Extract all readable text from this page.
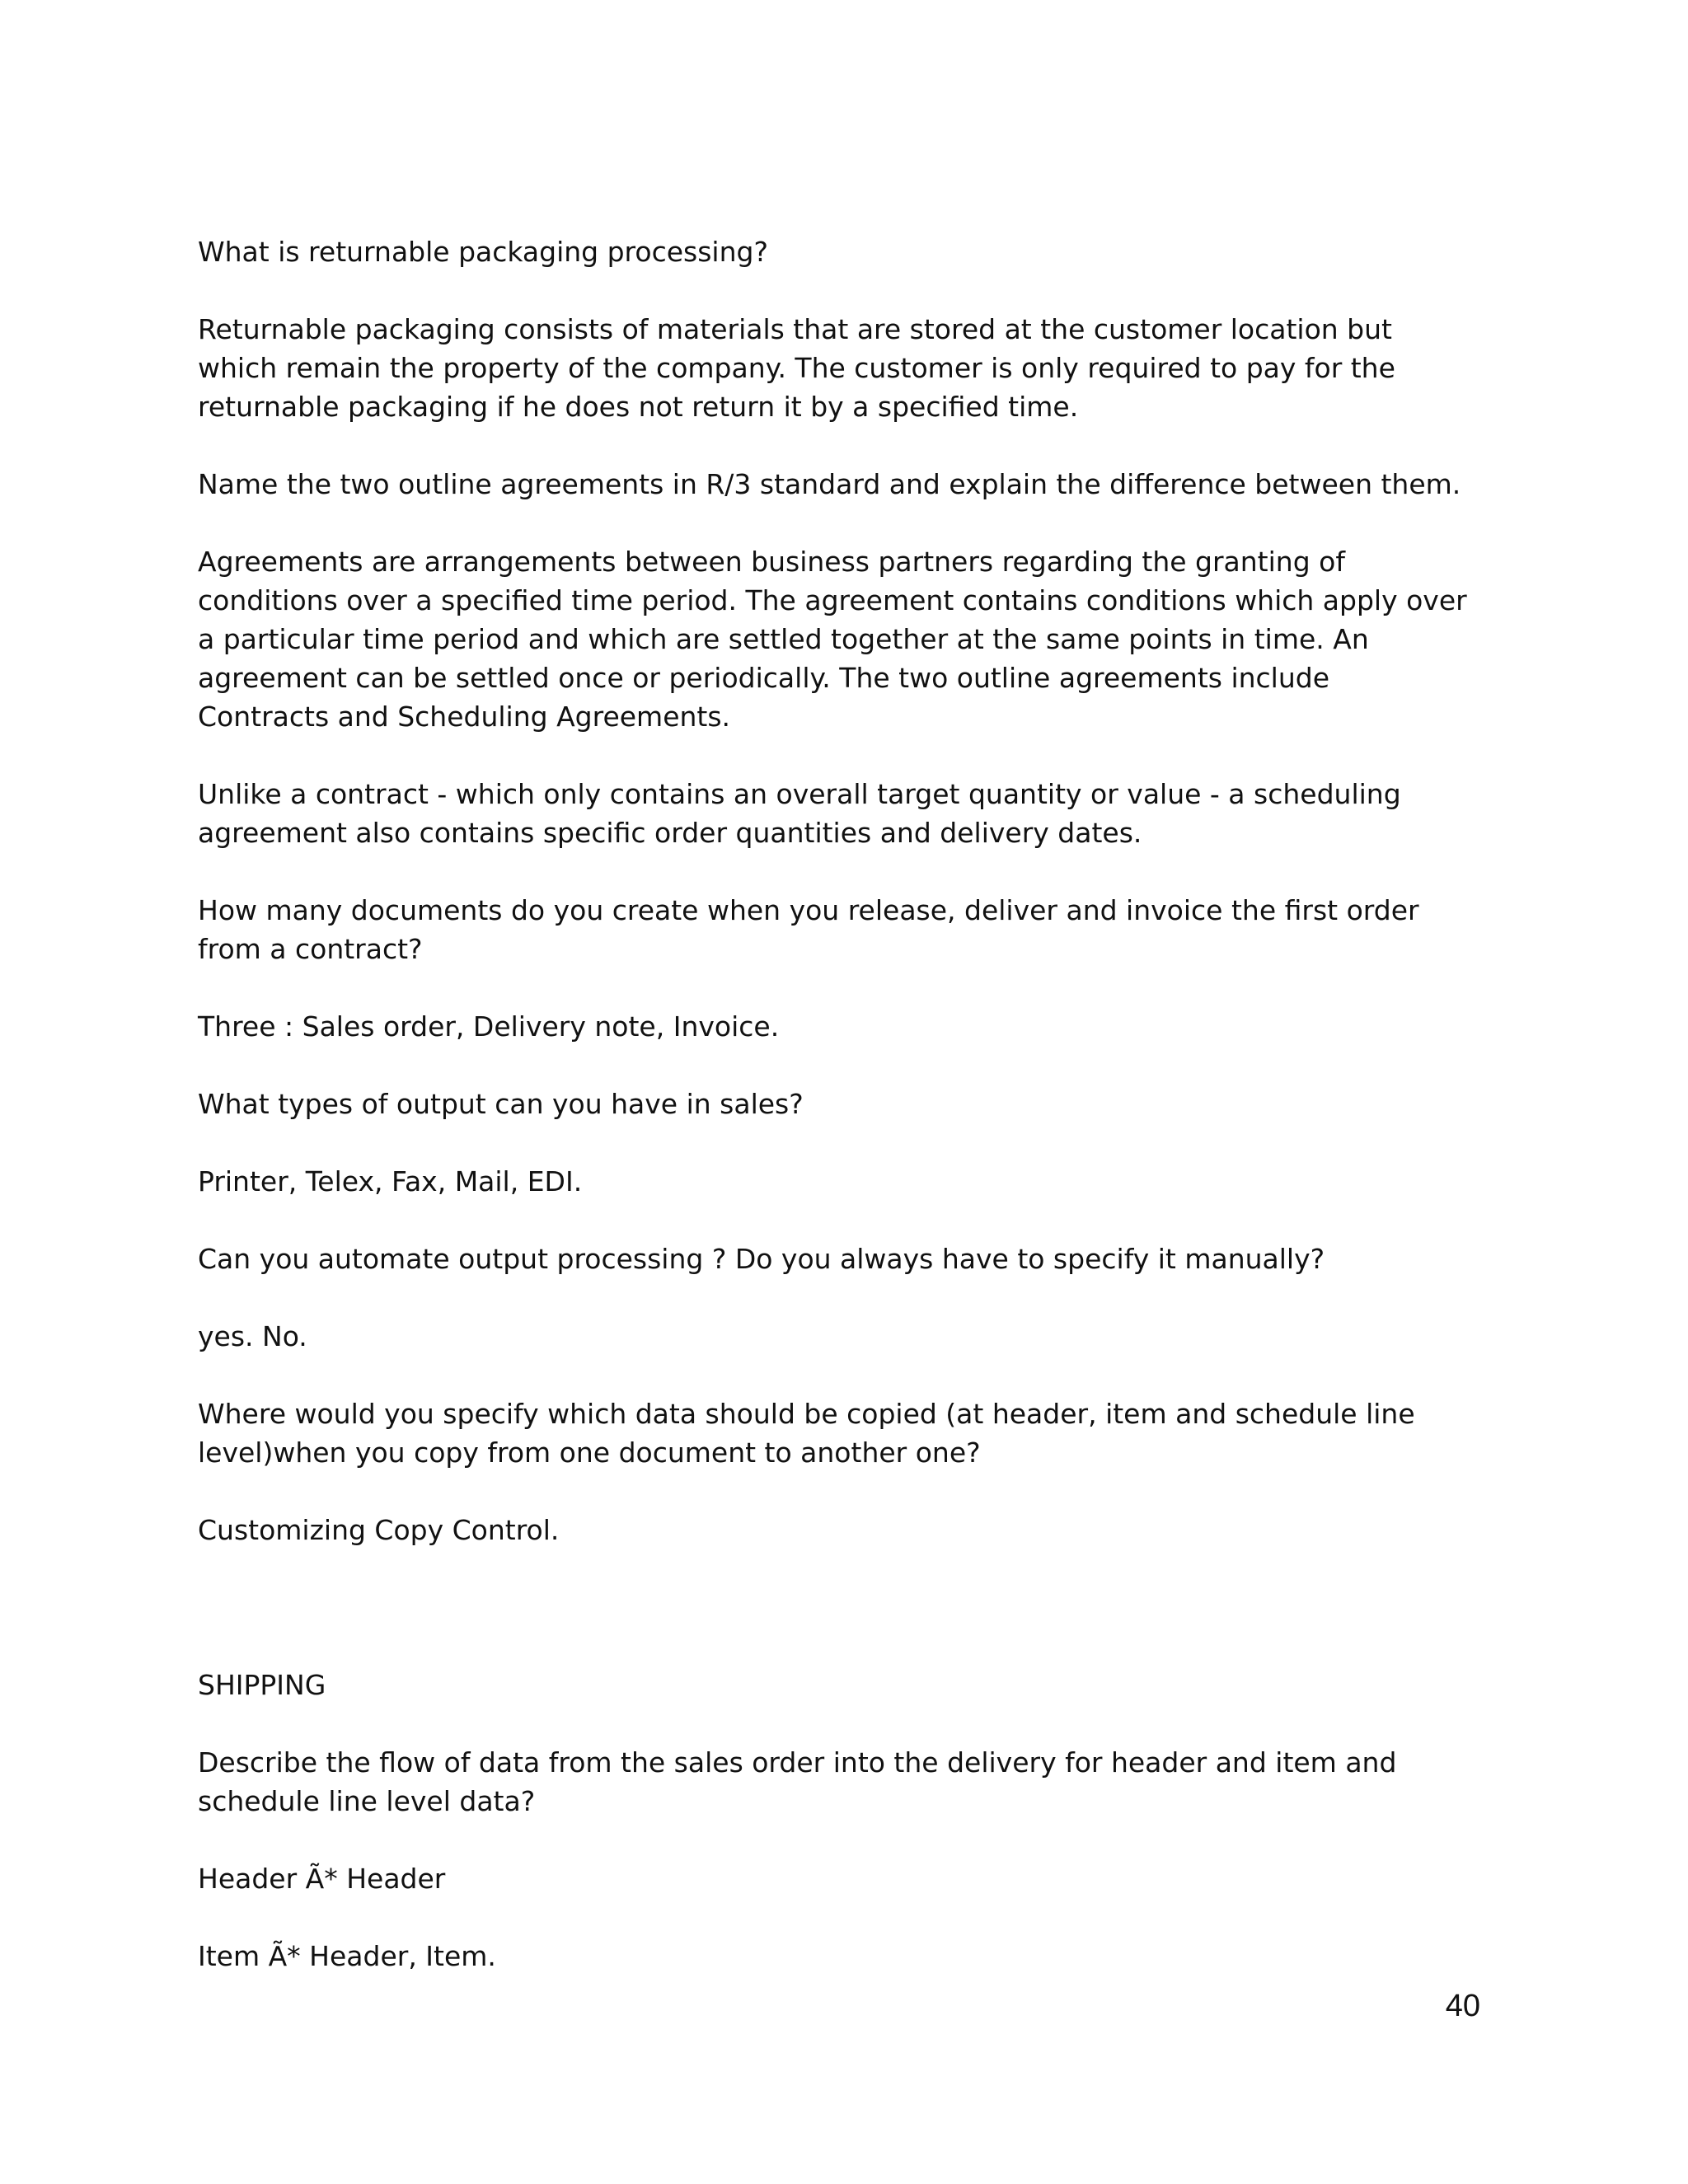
What is returnable packaging processing?

Returnable packaging consists of materials that are stored at the customer location but
which remain the property of the company. The customer is only required to pay for the
returnable packaging if he does not return it by a specified time.

Name the two outline agreements in R/3 standard and explain the difference between them.

Agreements are arrangements between business partners regarding the granting of
conditions over a specified time period. The agreement contains conditions which apply over
a particular time period and which are settled together at the same points in time. An
agreement can be settled once or periodically. The two outline agreements include
Contracts and Scheduling Agreements.

Unlike a contract - which only contains an overall target quantity or value - a scheduling
agreement also contains specific order quantities and delivery dates.

How many documents do you create when you release, deliver and invoice the first order
from a contract?

Three : Sales order, Delivery note, Invoice.

What types of output can you have in sales?

Printer, Telex, Fax, Mail, EDI.

Can you automate output processing ? Do you always have to specify it manually?

yes. No.

Where would you specify which data should be copied (at header, item and schedule line
level)when you copy from one document to another one?

Customizing Copy Control.

SHIPPING

Describe the flow of data from the sales order into the delivery for header and item and
schedule line level data?

Header Ã* Header

Item Ã* Header, Item.

40
